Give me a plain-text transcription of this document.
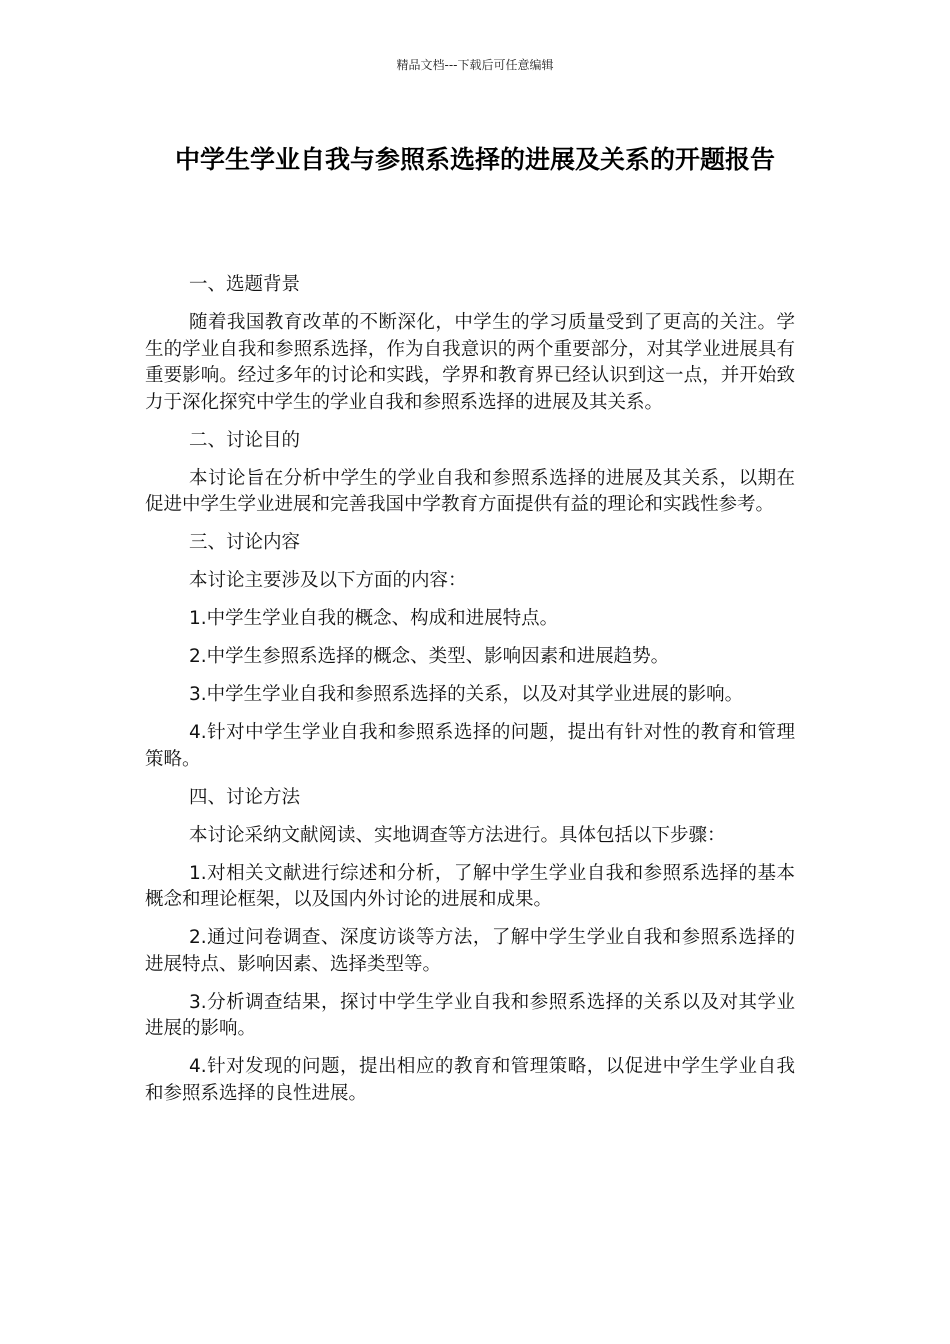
精品文档---下载后可任意编辑
中学生学业自我与参照系选择的进展及关系的开题报告

一、选题背景

随着我国教育改革的不断深化，中学生的学习质量受到了更高的关注。学生的学业自我和参照系选择，作为自我意识的两个重要部分，对其学业进展具有重要影响。经过多年的讨论和实践，学界和教育界已经认识到这一点，并开始致力于深化探究中学生的学业自我和参照系选择的进展及其关系。

二、讨论目的

本讨论旨在分析中学生的学业自我和参照系选择的进展及其关系，以期在促进中学生学业进展和完善我国中学教育方面提供有益的理论和实践性参考。

三、讨论内容

本讨论主要涉及以下方面的内容：

1.中学生学业自我的概念、构成和进展特点。

2.中学生参照系选择的概念、类型、影响因素和进展趋势。

3.中学生学业自我和参照系选择的关系，以及对其学业进展的影响。

4.针对中学生学业自我和参照系选择的问题，提出有针对性的教育和管理策略。

四、讨论方法

本讨论采纳文献阅读、实地调查等方法进行。具体包括以下步骤：

1.对相关文献进行综述和分析，了解中学生学业自我和参照系选择的基本概念和理论框架，以及国内外讨论的进展和成果。

2.通过问卷调查、深度访谈等方法，了解中学生学业自我和参照系选择的进展特点、影响因素、选择类型等。

3.分析调查结果，探讨中学生学业自我和参照系选择的关系以及对其学业进展的影响。

4.针对发现的问题，提出相应的教育和管理策略，以促进中学生学业自我和参照系选择的良性进展。
